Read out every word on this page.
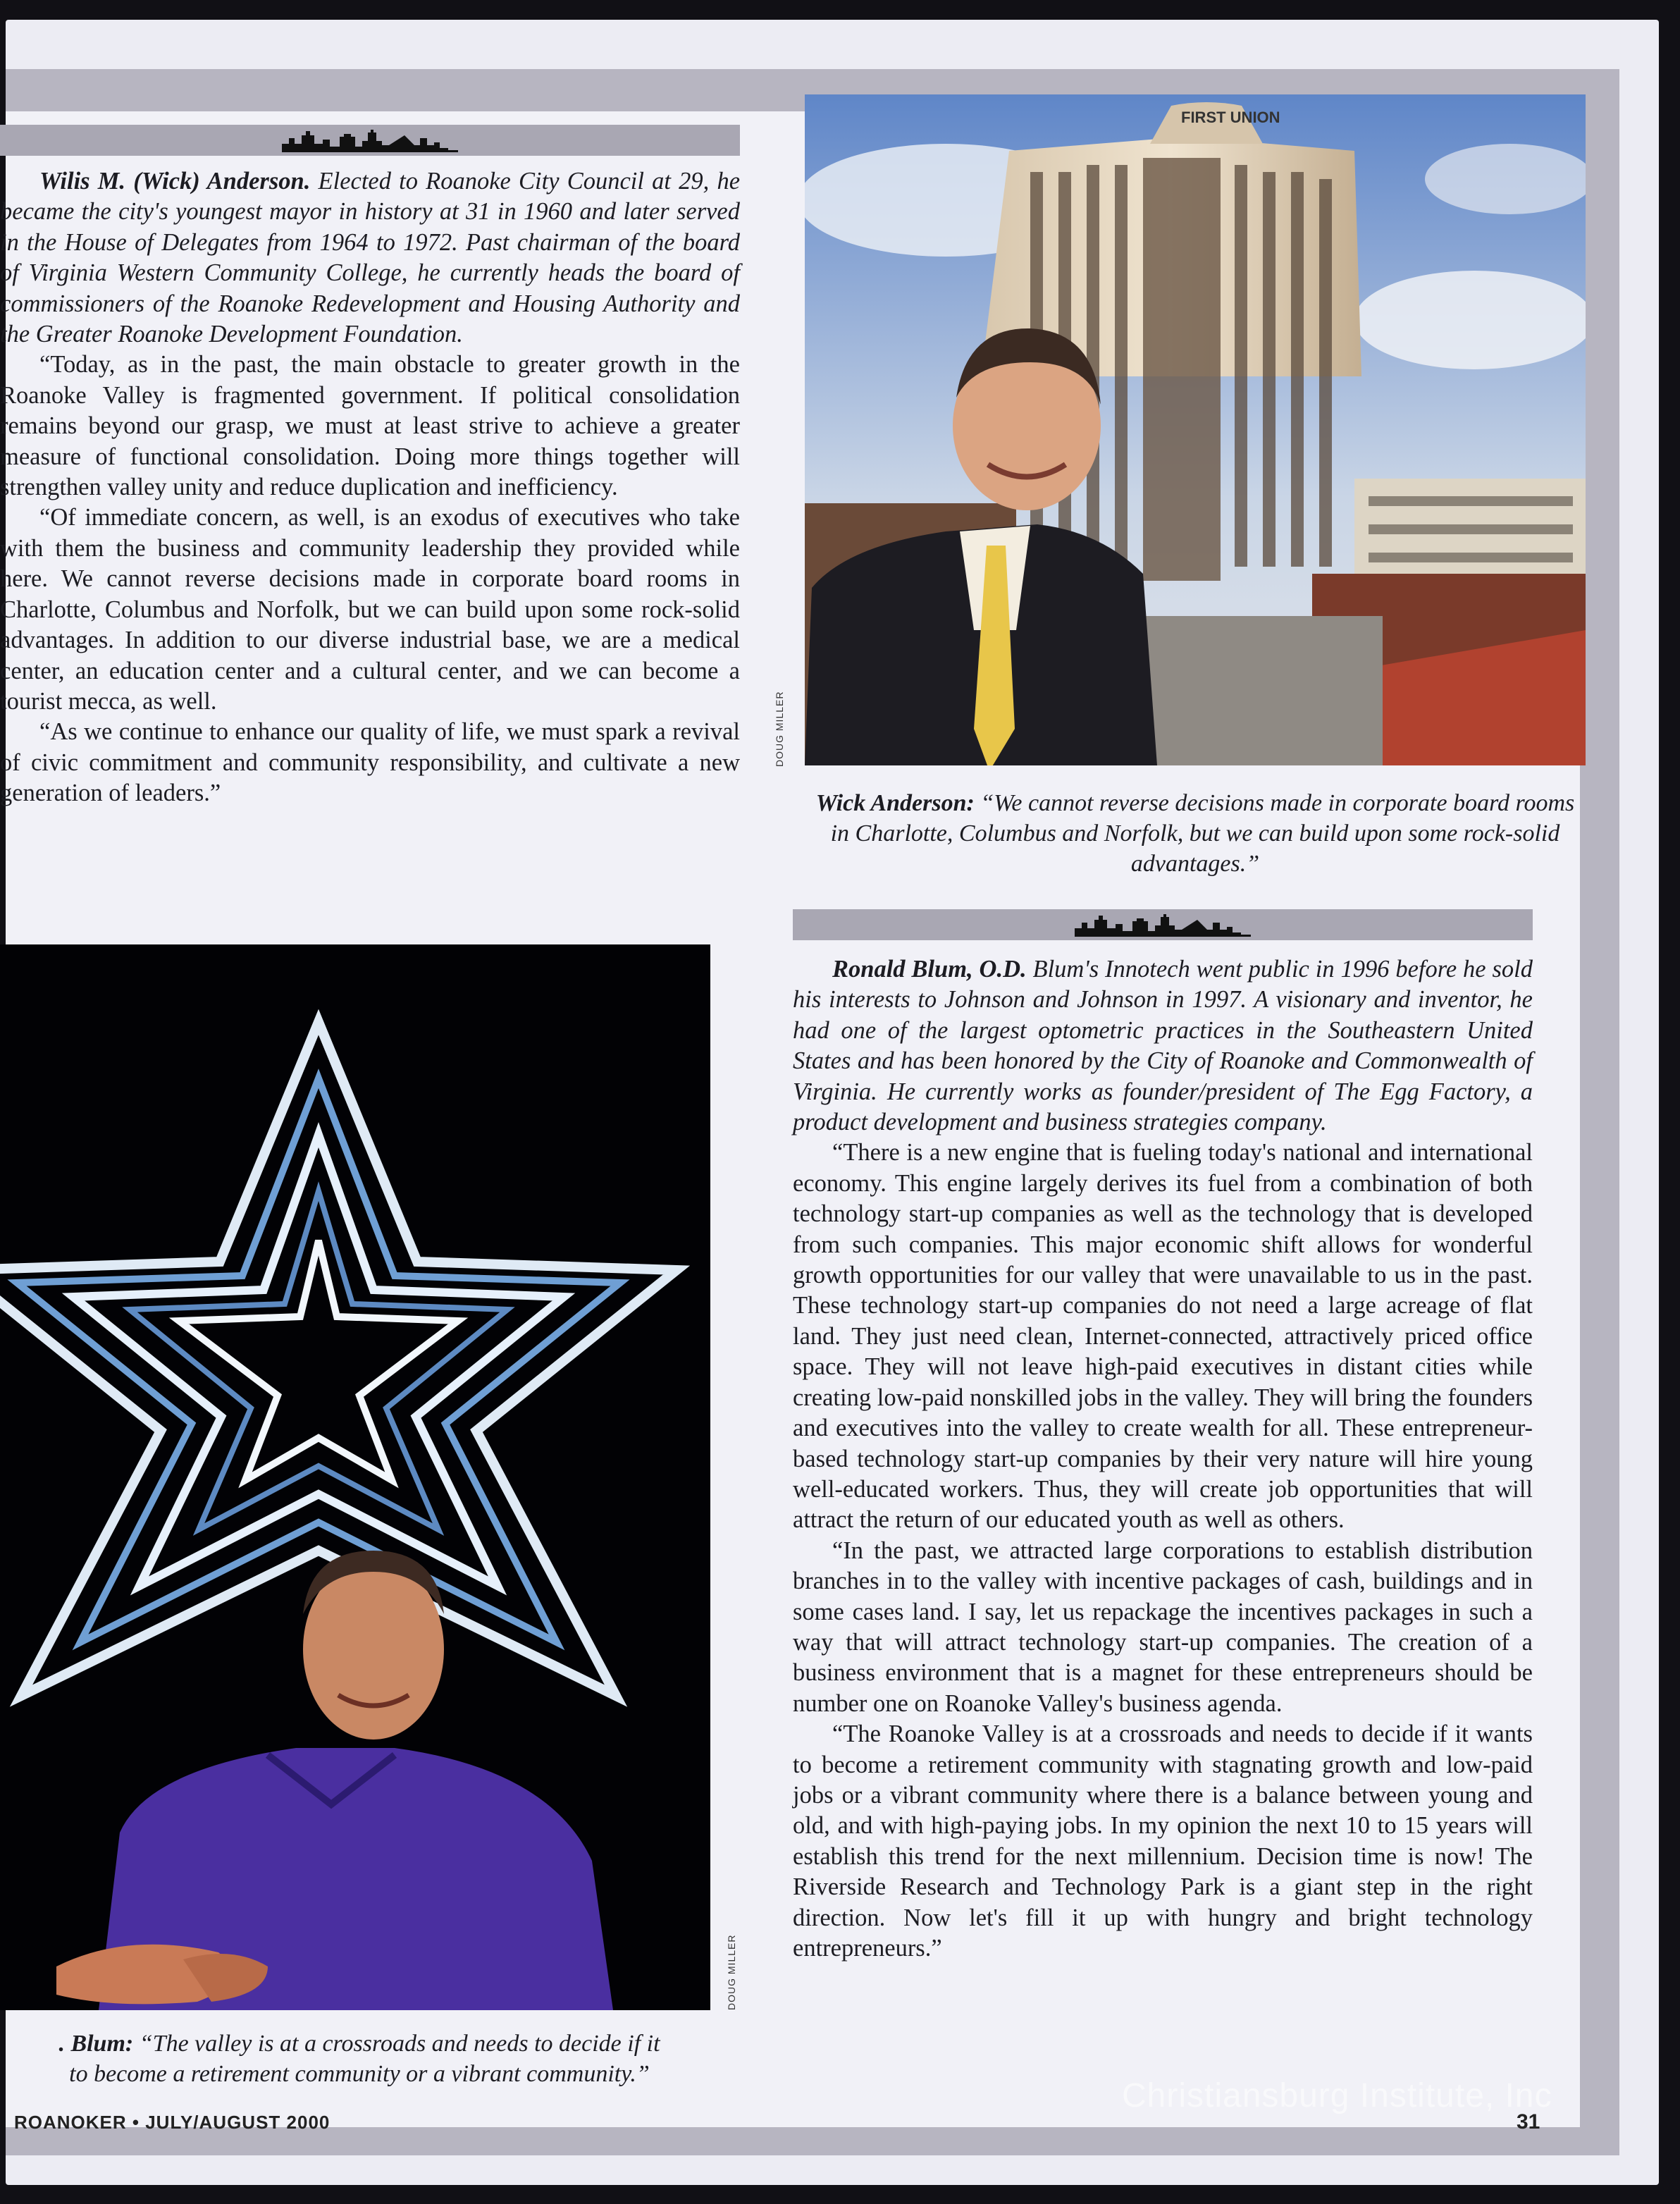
Wilis M. (Wick) Anderson. Elected to Roanoke City Council at 29, he became the city's youngest mayor in history at 31 in 1960 and later served in the House of Delegates from 1964 to 1972. Past chairman of the board of Virginia Western Community College, he currently heads the board of commissioners of the Roanoke Redevelopment and Housing Authority and the Greater Roanoke Development Foundation.

“Today, as in the past, the main obstacle to greater growth in the Roanoke Valley is fragmented government. If political consolidation remains beyond our grasp, we must at least strive to achieve a greater measure of functional consolidation. Doing more things together will strengthen valley unity and reduce duplication and inefficiency.

“Of immediate concern, as well, is an exodus of executives who take with them the business and community leadership they provided while here. We cannot reverse decisions made in corporate board rooms in Charlotte, Columbus and Norfolk, but we can build upon some rock-solid advantages. In addition to our diverse industrial base, we are a medical center, an education center and a cultural center, and we can become a tourist mecca, as well.

“As we continue to enhance our quality of life, we must spark a revival of civic commitment and community responsibility, and cultivate a new generation of leaders.”

FIRST UNION
DOUG MILLER
Wick Anderson: “We cannot reverse decisions made in corporate board rooms in Charlotte, Columbus and Norfolk, but we can build upon some rock-solid advantages.”

Ronald Blum, O.D. Blum's Innotech went public in 1996 before he sold his interests to Johnson and Johnson in 1997. A visionary and inventor, he had one of the largest optometric practices in the Southeastern United States and has been honored by the City of Roanoke and Commonwealth of Virginia. He currently works as founder/president of The Egg Factory, a product development and business strategies company.

“There is a new engine that is fueling today's national and international economy. This engine largely derives its fuel from a combination of both technology start-up companies as well as the technology that is developed from such companies. This major economic shift allows for wonderful growth opportunities for our valley that were unavailable to us in the past. These technology start-up companies do not need a large acreage of flat land. They just need clean, Internet-connected, attractively priced office space. They will not leave high-paid executives in distant cities while creating low-paid nonskilled jobs in the valley. They will bring the founders and executives into the valley to create wealth for all. These entrepreneur-based technology start-up companies by their very nature will hire young well-educated workers. Thus, they will create job opportunities that will attract the return of our educated youth as well as others.

“In the past, we attracted large corporations to establish distribution branches in to the valley with incentive packages of cash, buildings and in some cases land. I say, let us repackage the incentives packages in such a way that will attract technology start-up companies. The creation of a business environment that is a magnet for these entrepreneurs should be number one on Roanoke Valley's business agenda.

“The Roanoke Valley is at a crossroads and needs to decide if it wants to become a retirement community with stagnating growth and low-paid jobs or a vibrant community where there is a balance between young and old, and with high-paying jobs. In my opinion the next 10 to 15 years will establish this trend for the next millennium. Decision time is now! The Riverside Research and Technology Park is a giant step in the right direction. Now let's fill it up with hungry and bright technology entrepreneurs.”

DOUG MILLER
. Blum: “The valley is at a crossroads and needs to decide if it
to become a retirement community or a vibrant community.”
ROANOKER • JULY/AUGUST 2000	31
Christiansburg Institute, Inc
